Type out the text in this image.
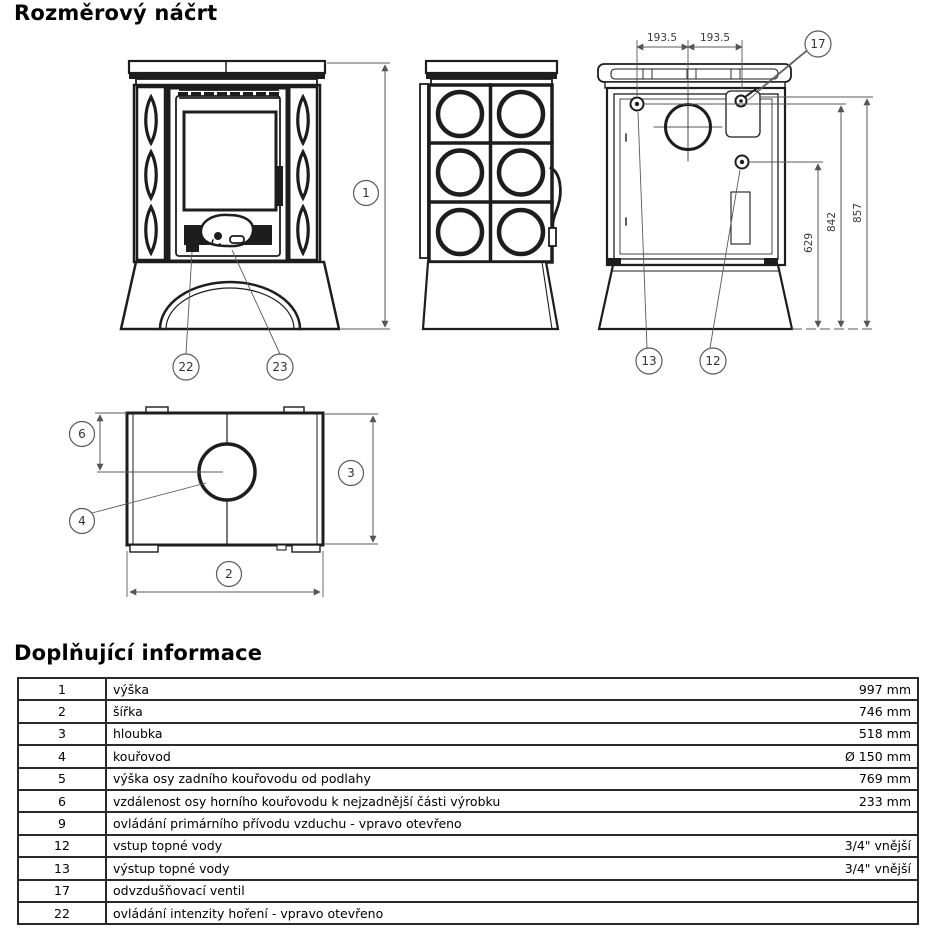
Rozměrový náčrt
1
22	23
193.5 193.5	17
629
842 857
13	12
6
4
3
2
Doplňující informace
1	výška	997 mm
2	šířka	746 mm
3	hloubka	518 mm
4	kouřovod	Ø 150 mm
5	výška osy zadního kouřovodu od podlahy	769 mm
6	vzdálenost osy horního kouřovodu k nejzadnější části výrobku	233 mm
9	ovládání primárního přívodu vzduchu - vpravo otevřeno	
12	vstup topné vody	3/4" vnější
13	výstup topné vody	3/4" vnější
17	odvzdušňovací ventil	
22	ovládání intenzity hoření - vpravo otevřeno	
